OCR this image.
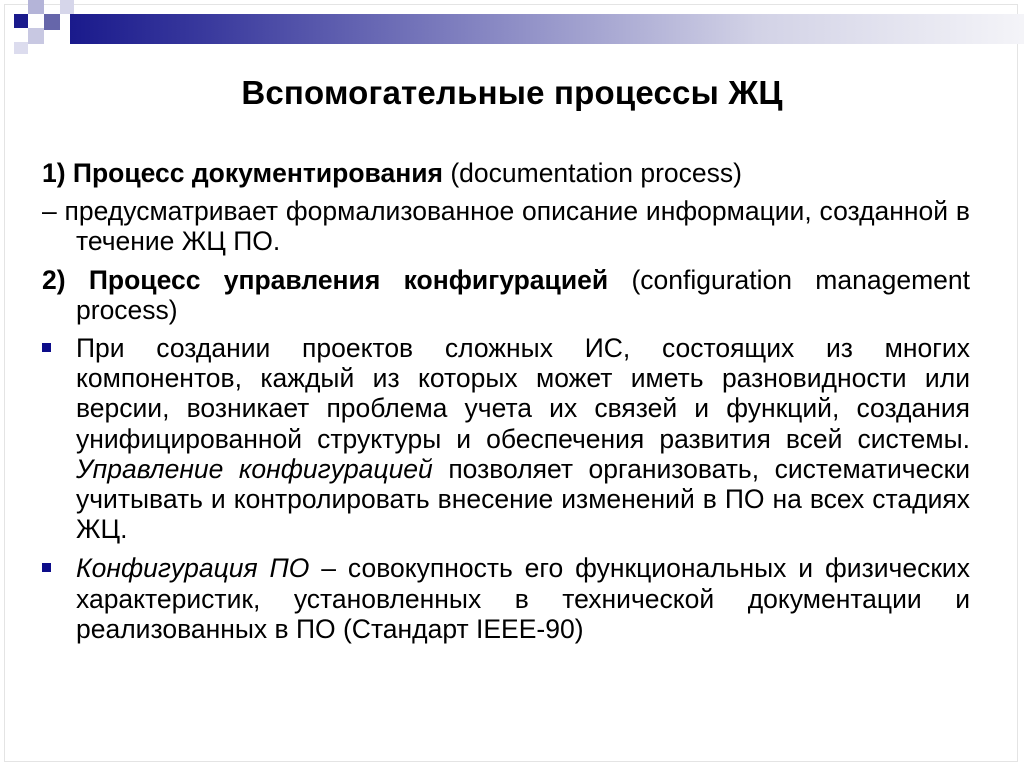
Вспомогательные процессы ЖЦ

1) Процесс документирования (documentation process)

– предусматривает формализованное описание информации, созданной в течение ЖЦ ПО.

2) Процесс управления конфигурацией (configuration management process)

При создании проектов сложных ИС, состоящих из многих компонентов, каждый из которых может иметь разновидности или версии, возникает проблема учета их связей и функций, создания унифицированной структуры и обеспечения развития всей системы. Управление конфигурацией позволяет организовать, систематически учитывать и контролировать внесение изменений в ПО на всех стадиях ЖЦ.
Конфигурация ПО – совокупность его функциональных и физических характеристик, установленных в технической документации и реализованных в ПО (Стандарт IEEE-90)
